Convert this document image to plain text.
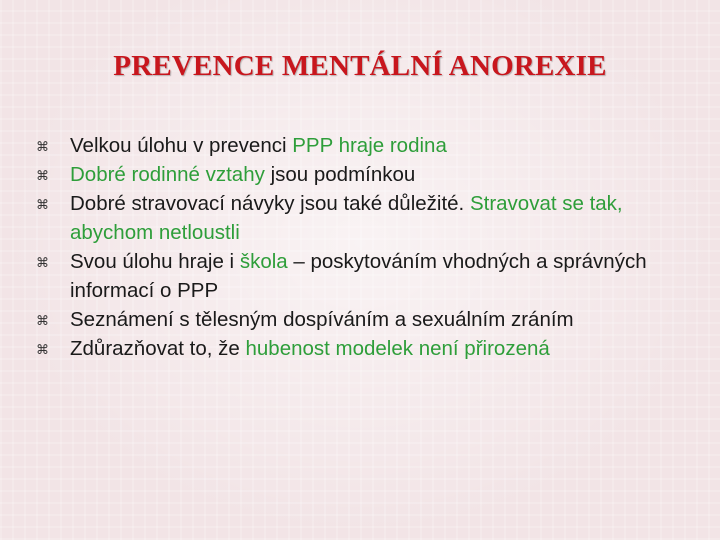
PREVENCE MENTÁLNÍ ANOREXIE
⌘ Velkou úlohu v prevenci PPP hraje rodina
⌘ Dobré rodinné vztahy jsou podmínkou
⌘ Dobré stravovací návyky jsou také důležité. Stravovat se tak, abychom netloustli
⌘ Svou úlohu hraje i škola – poskytováním vhodných a správných informací o PPP
⌘ Seznámení s tělesným dospíváním a sexuálním zráním
⌘ Zdůrazňovat to, že hubenost modelek není přirozená
